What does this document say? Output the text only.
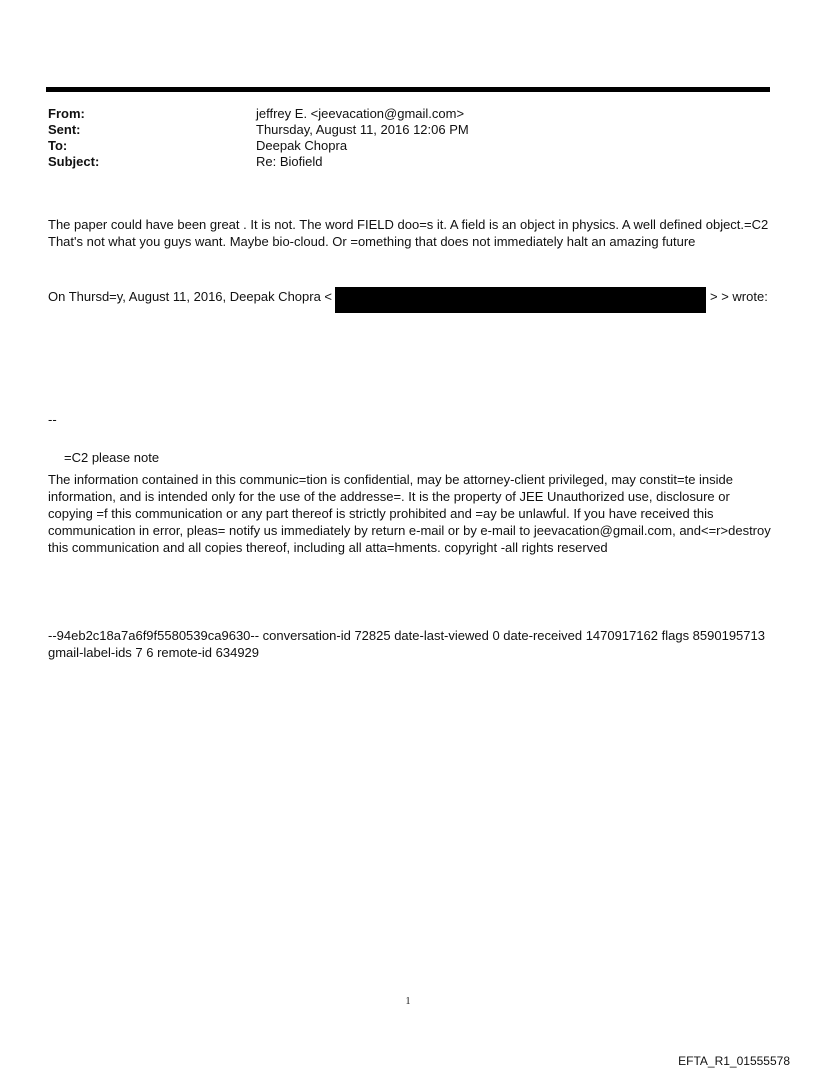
From:	jeffrey E. <jeevacation@gmail.com>
Sent:	Thursday, August 11, 2016 12:06 PM
To:	Deepak Chopra
Subject:	Re: Biofield

The paper could have been great . It is not. The word FIELD doo=s it. A field is an object in physics. A well defined object.=C2 That's not what you guys want. Maybe bio-cloud. Or =omething that does not immediately halt an amazing future

On Thursd=y, August 11, 2016, Deepak Chopra <	> > wrote:

--

=C2 please note

The information contained in this communic=tion is confidential, may be attorney-client privileged, may constit=te inside information, and is intended only for the use of the addresse=. It is the property of JEE Unauthorized use, disclosure or copying =f this communication or any part thereof is strictly prohibited and =ay be unlawful. If you have received this communication in error, pleas= notify us immediately by return e-mail or by e-mail to jeevacation@gmail.com, and<=r>destroy this communication and all copies thereof, including all atta=hments. copyright -all rights reserved

--94eb2c18a7a6f9f5580539ca9630-- conversation-id 72825 date-last-viewed 0 date-received 1470917162 flags 8590195713 gmail-label-ids 7 6 remote-id 634929

1
EFTA_R1_01555578
